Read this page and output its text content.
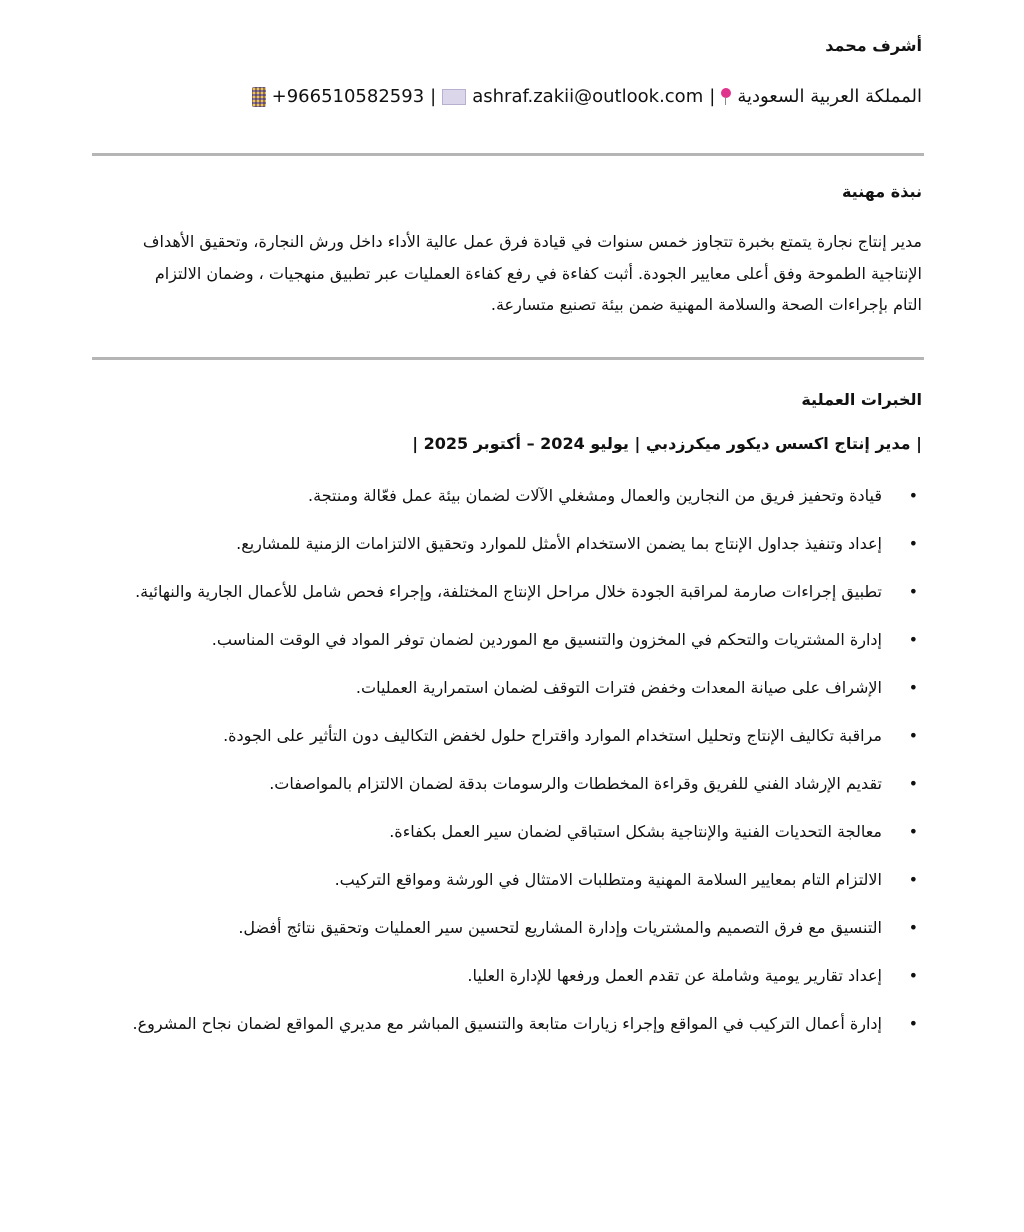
أشرف محمد
المملكة العربية السعودية
|
ashraf.zakii@outlook.com
|
+966510582593
نبذة مهنية
مدير إنتاج نجارة يتمتع بخبرة تتجاوز خمس سنوات في قيادة فرق عمل عالية الأداء داخل ورش النجارة، وتحقيق الأهداف الإنتاجية الطموحة وفق أعلى معايير الجودة. أثبت كفاءة في رفع كفاءة العمليات عبر تطبيق منهجيات ، وضمان الالتزام التام بإجراءات الصحة والسلامة المهنية ضمن بيئة تصنيع متسارعة.
الخبرات العملية
| مدير إنتاج اكسس ديكور ميكرزدبي | يوليو 2024 – أكتوبر 2025 |
• قيادة وتحفيز فريق من النجارين والعمال ومشغلي الآلات لضمان بيئة عمل فعّالة ومنتجة.
• إعداد وتنفيذ جداول الإنتاج بما يضمن الاستخدام الأمثل للموارد وتحقيق الالتزامات الزمنية للمشاريع.
• تطبيق إجراءات صارمة لمراقبة الجودة خلال مراحل الإنتاج المختلفة، وإجراء فحص شامل للأعمال الجارية والنهائية.
• إدارة المشتريات والتحكم في المخزون والتنسيق مع الموردين لضمان توفر المواد في الوقت المناسب.
• الإشراف على صيانة المعدات وخفض فترات التوقف لضمان استمرارية العمليات.
• مراقبة تكاليف الإنتاج وتحليل استخدام الموارد واقتراح حلول لخفض التكاليف دون التأثير على الجودة.
• تقديم الإرشاد الفني للفريق وقراءة المخططات والرسومات بدقة لضمان الالتزام بالمواصفات.
• معالجة التحديات الفنية والإنتاجية بشكل استباقي لضمان سير العمل بكفاءة.
• الالتزام التام بمعايير السلامة المهنية ومتطلبات الامتثال في الورشة ومواقع التركيب.
• التنسيق مع فرق التصميم والمشتريات وإدارة المشاريع لتحسين سير العمليات وتحقيق نتائج أفضل.
• إعداد تقارير يومية وشاملة عن تقدم العمل ورفعها للإدارة العليا.
• إدارة أعمال التركيب في المواقع وإجراء زيارات متابعة والتنسيق المباشر مع مديري المواقع لضمان نجاح المشروع.
